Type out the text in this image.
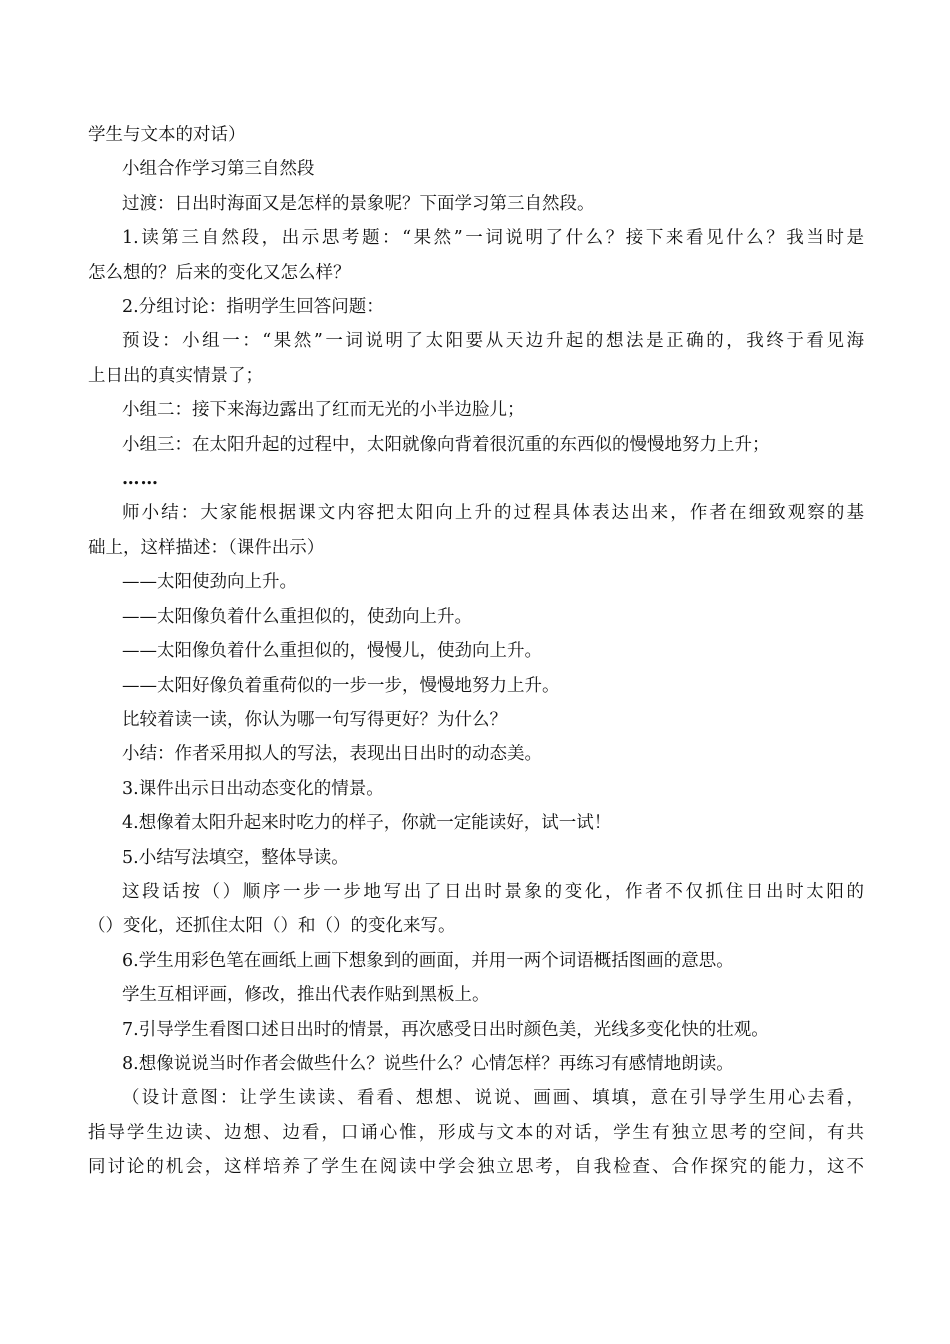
学生与文本的对话）
小组合作学习第三自然段
过渡：日出时海面又是怎样的景象呢？下面学习第三自然段。
1.读第三自然段，出示思考题：“果然”一词说明了什么？接下来看见什么？我当时是
怎么想的？后来的变化又怎么样？
2.分组讨论：指明学生回答问题：
预设：小组一：“果然”一词说明了太阳要从天边升起的想法是正确的，我终于看见海
上日出的真实情景了；
小组二：接下来海边露出了红而无光的小半边脸儿；
小组三：在太阳升起的过程中，太阳就像向背着很沉重的东西似的慢慢地努力上升；
……
师小结：大家能根据课文内容把太阳向上升的过程具体表达出来，作者在细致观察的基
础上，这样描述：（课件出示）
——太阳使劲向上升。
——太阳像负着什么重担似的，使劲向上升。
——太阳像负着什么重担似的，慢慢儿，使劲向上升。
——太阳好像负着重荷似的一步一步，慢慢地努力上升。
比较着读一读，你认为哪一句写得更好？为什么？
小结：作者采用拟人的写法，表现出日出时的动态美。
3.课件出示日出动态变化的情景。
4.想像着太阳升起来时吃力的样子，你就一定能读好，试一试！
5.小结写法填空，整体导读。
这段话按（）顺序一步一步地写出了日出时景象的变化，作者不仅抓住日出时太阳的
（）变化，还抓住太阳（）和（）的变化来写。
6.学生用彩色笔在画纸上画下想象到的画面，并用一两个词语概括图画的意思。
学生互相评画，修改，推出代表作贴到黑板上。
7.引导学生看图口述日出时的情景，再次感受日出时颜色美，光线多变化快的壮观。
8.想像说说当时作者会做些什么？说些什么？心情怎样？再练习有感情地朗读。
（设计意图：让学生读读、看看、想想、说说、画画、填填，意在引导学生用心去看，
指导学生边读、边想、边看，口诵心惟，形成与文本的对话，学生有独立思考的空间，有共
同讨论的机会，这样培养了学生在阅读中学会独立思考，自我检查、合作探究的能力，这不
